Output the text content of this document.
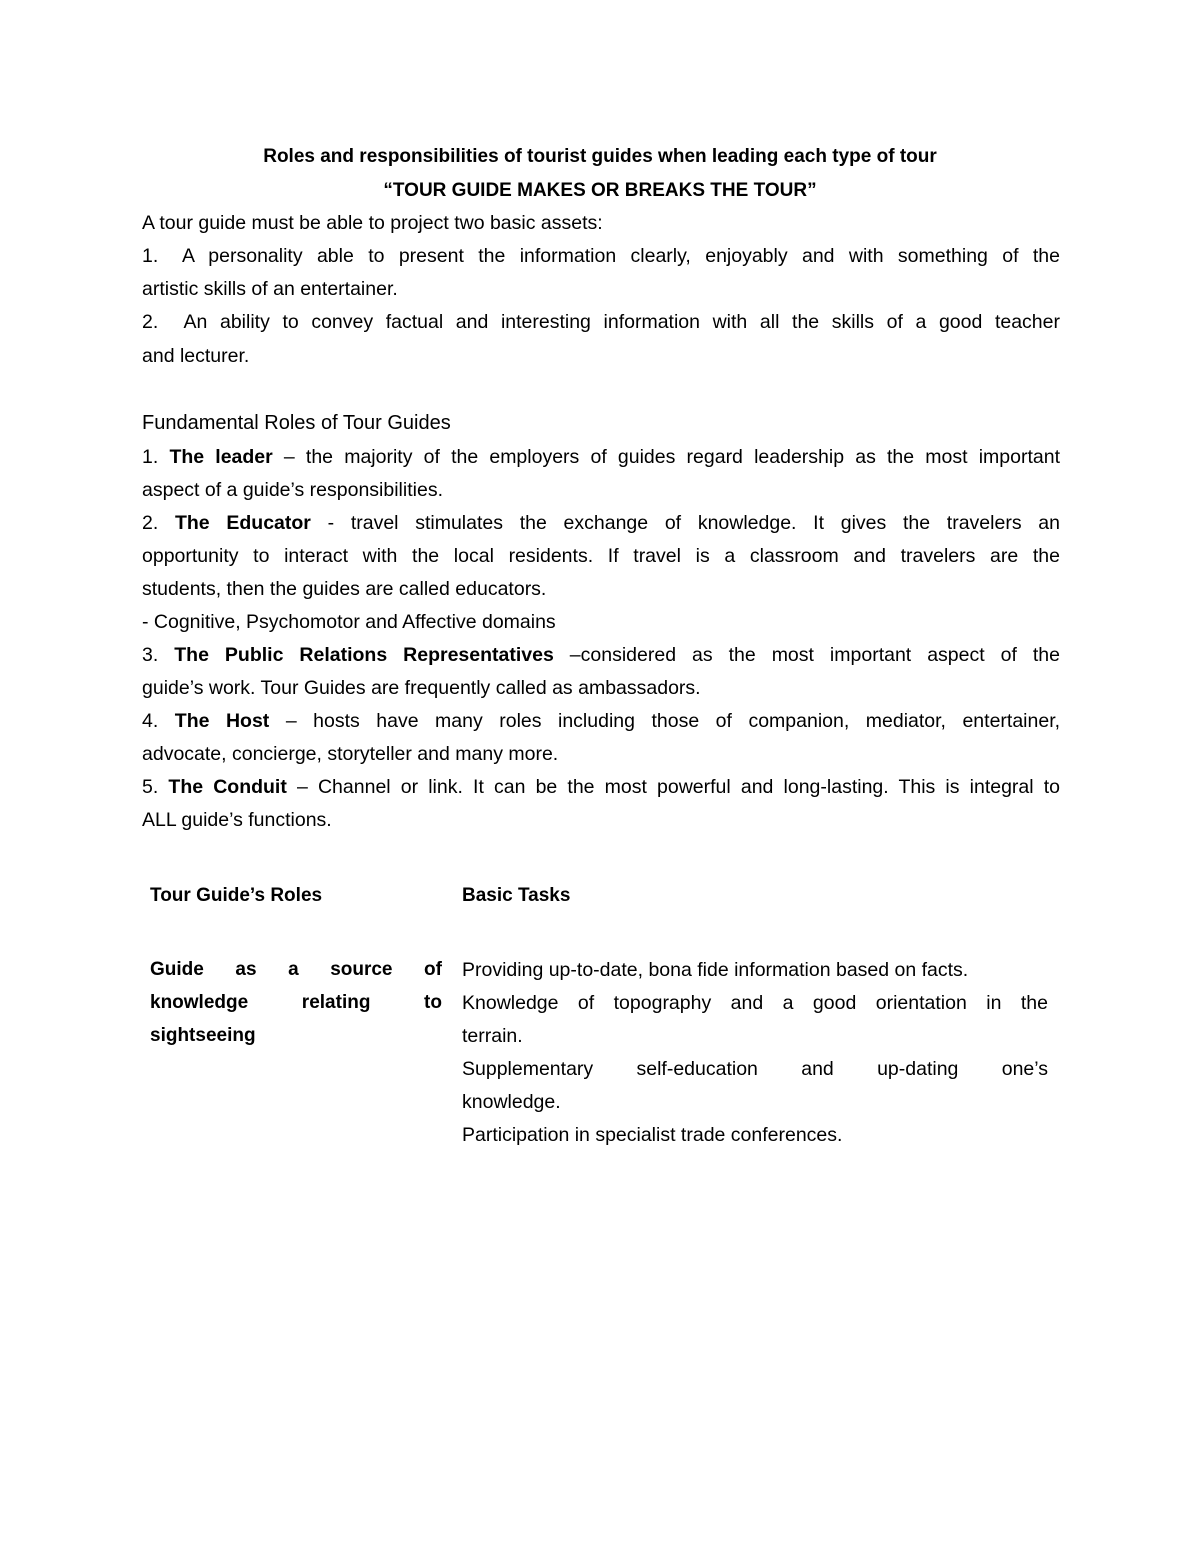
Roles and responsibilities of tourist guides when leading each type of tour
“TOUR GUIDE MAKES OR BREAKS THE TOUR”
A tour guide must be able to project two basic assets:
1. A personality able to present the information clearly, enjoyably and with something of the
artistic skills of an entertainer.
2. An ability to convey factual and interesting information with all the skills of a good teacher
and lecturer.
Fundamental Roles of Tour Guides
1. The leader – the majority of the employers of guides regard leadership as the most important
aspect of a guide’s responsibilities.
2. The Educator - travel stimulates the exchange of knowledge. It gives the travelers an
opportunity to interact with the local residents. If travel is a classroom and travelers are the
students, then the guides are called educators.
- Cognitive, Psychomotor and Affective domains
3. The Public Relations Representatives –considered as the most important aspect of the
guide’s work. Tour Guides are frequently called as ambassadors.
4. The Host – hosts have many roles including those of companion, mediator, entertainer,
advocate, concierge, storyteller and many more.
5. The Conduit – Channel or link. It can be the most powerful and long-lasting. This is integral to
ALL guide’s functions.
Tour Guide’s Roles	Basic Tasks
Guide as a source of
knowledge relating to
sightseeing
Providing up-to-date, bona fide information based on facts.
Knowledge of topography and a good orientation in the
terrain.
Supplementary self-education and up-dating one’s
knowledge.
Participation in specialist trade conferences.
